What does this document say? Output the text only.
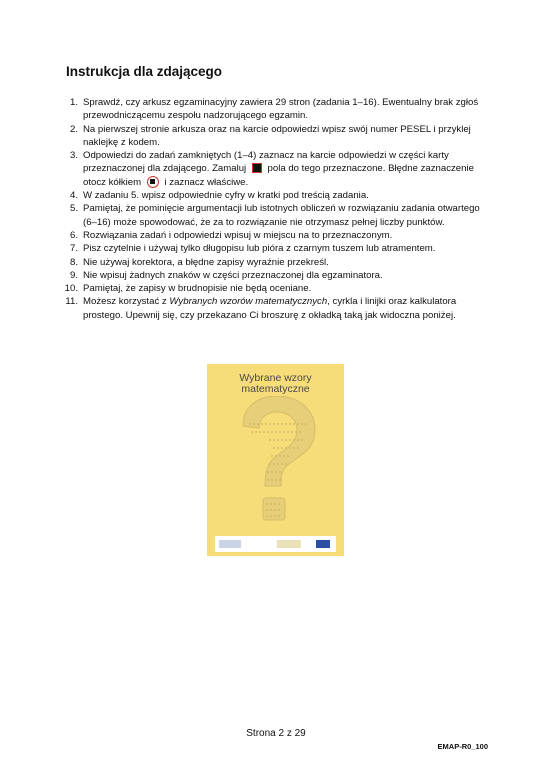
Instrukcja dla zdającego
1. Sprawdź, czy arkusz egzaminacyjny zawiera 29 stron (zadania 1–16). Ewentualny brak zgłoś przewodniczącemu zespołu nadzorującego egzamin.
2. Na pierwszej stronie arkusza oraz na karcie odpowiedzi wpisz swój numer PESEL i przyklej naklejkę z kodem.
3. Odpowiedzi do zadań zamkniętych (1–4) zaznacz na karcie odpowiedzi w części karty przeznaczonej dla zdającego. Zamaluj pola do tego przeznaczone. Błędne zaznaczenie otocz kółkiem i zaznacz właściwe.
4. W zadaniu 5. wpisz odpowiednie cyfry w kratki pod treścią zadania.
5. Pamiętaj, że pominięcie argumentacji lub istotnych obliczeń w rozwiązaniu zadania otwartego (6–16) może spowodować, że za to rozwiązanie nie otrzymasz pełnej liczby punktów.
6. Rozwiązania zadań i odpowiedzi wpisuj w miejscu na to przeznaczonym.
7. Pisz czytelnie i używaj tylko długopisu lub pióra z czarnym tuszem lub atramentem.
8. Nie używaj korektora, a błędne zapisy wyraźnie przekreśl.
9. Nie wpisuj żadnych znaków w części przeznaczonej dla egzaminatora.
10. Pamiętaj, że zapisy w brudnopisie nie będą oceniane.
11. Możesz korzystać z Wybranych wzorów matematycznych, cyrkla i linijki oraz kalkulatora prostego. Upewnij się, czy przekazano Ci broszurę z okładką taką jak widoczna poniżej.
Wybrane wzory
matematyczne
Strona 2 z 29
EMAP-R0_100
